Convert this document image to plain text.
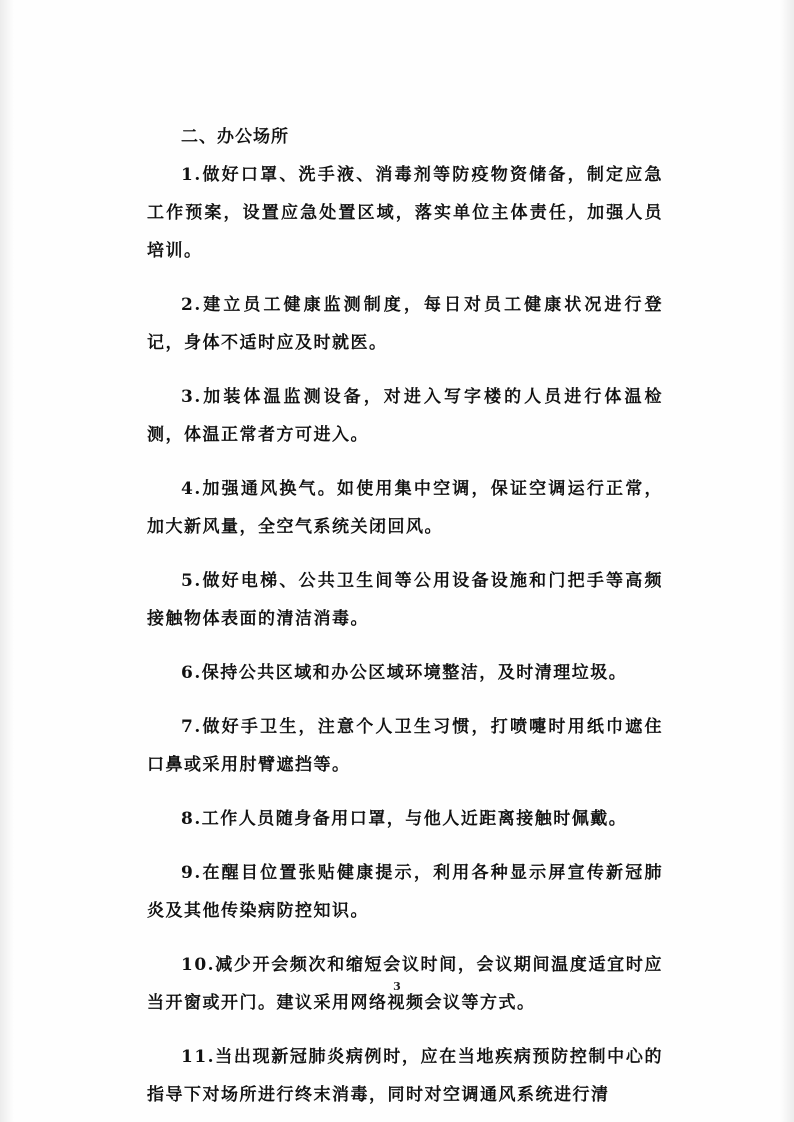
二、办公场所

1.做好口罩、洗手液、消毒剂等防疫物资储备，制定应急工作预案，设置应急处置区域，落实单位主体责任，加强人员培训。

2.建立员工健康监测制度，每日对员工健康状况进行登记，身体不适时应及时就医。

3.加装体温监测设备，对进入写字楼的人员进行体温检测，体温正常者方可进入。

4.加强通风换气。如使用集中空调，保证空调运行正常，加大新风量，全空气系统关闭回风。

5.做好电梯、公共卫生间等公用设备设施和门把手等高频接触物体表面的清洁消毒。

6.保持公共区域和办公区域环境整洁，及时清理垃圾。

7.做好手卫生，注意个人卫生习惯，打喷嚏时用纸巾遮住口鼻或采用肘臂遮挡等。

8.工作人员随身备用口罩，与他人近距离接触时佩戴。

9.在醒目位置张贴健康提示，利用各种显示屏宣传新冠肺炎及其他传染病防控知识。

10.减少开会频次和缩短会议时间，会议期间温度适宜时应当开窗或开门。建议采用网络视频会议等方式。

11.当出现新冠肺炎病例时，应在当地疾病预防控制中心的指导下对场所进行终末消毒，同时对空调通风系统进行清

3
